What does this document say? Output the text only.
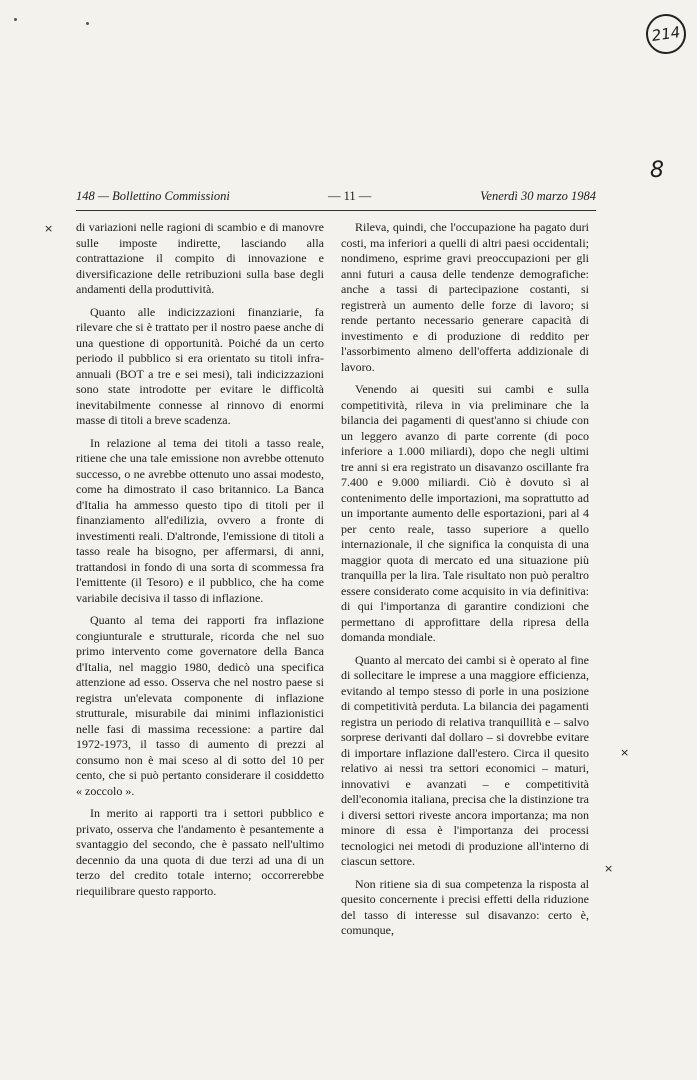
214
8
148 — Bollettino Commissioni	— 11 —	Venerdì 30 marzo 1984
×
×
×

di variazioni nelle ragioni di scambio e di manovre sulle imposte indirette, lasciando alla contrattazione il compito di innovazione e diversificazione delle retribuzioni sulla base degli andamenti della produttività.

Quanto alle indicizzazioni finanziarie, fa rilevare che si è trattato per il nostro paese anche di una questione di opportunità. Poiché da un certo periodo il pubblico si era orientato su titoli infra-annuali (BOT a tre e sei mesi), tali indicizzazioni sono state introdotte per evitare le difficoltà inevitabilmente connesse al rinnovo di enormi masse di titoli a breve scadenza.

In relazione al tema dei titoli a tasso reale, ritiene che una tale emissione non avrebbe ottenuto successo, o ne avrebbe ottenuto uno assai modesto, come ha dimostrato il caso britannico. La Banca d'Italia ha ammesso questo tipo di titoli per il finanziamento all'edilizia, ovvero a fronte di investimenti reali. D'altronde, l'emissione di titoli a tasso reale ha bisogno, per affermarsi, di anni, trattandosi in fondo di una sorta di scommessa fra l'emittente (il Tesoro) e il pubblico, che ha come variabile decisiva il tasso di inflazione.

Quanto al tema dei rapporti fra inflazione congiunturale e strutturale, ricorda che nel suo primo intervento come governatore della Banca d'Italia, nel maggio 1980, dedicò una specifica attenzione ad esso. Osserva che nel nostro paese si registra un'elevata componente di inflazione strutturale, misurabile dai minimi inflazionistici nelle fasi di massima recessione: a partire dal 1972-1973, il tasso di aumento di prezzi al consumo non è mai sceso al di sotto del 10 per cento, che si può pertanto considerare il cosiddetto « zoccolo ».

In merito ai rapporti tra i settori pubblico e privato, osserva che l'andamento è pesantemente a svantaggio del secondo, che è passato nell'ultimo decennio da una quota di due terzi ad una di un terzo del credito totale interno; occorrerebbe riequilibrare questo rapporto.

Rileva, quindi, che l'occupazione ha pagato duri costi, ma inferiori a quelli di altri paesi occidentali; nondimeno, esprime gravi preoccupazioni per gli anni futuri a causa delle tendenze demografiche: anche a tassi di partecipazione costanti, si registrerà un aumento delle forze di lavoro; si rende pertanto necessario generare capacità di investimento e di produzione di reddito per l'assorbimento almeno dell'offerta addizionale di lavoro.

Venendo ai quesiti sui cambi e sulla competitività, rileva in via preliminare che la bilancia dei pagamenti di quest'anno si chiude con un leggero avanzo di parte corrente (di poco inferiore a 1.000 miliardi), dopo che negli ultimi tre anni si era registrato un disavanzo oscillante fra 7.400 e 9.000 miliardi. Ciò è dovuto sì al contenimento delle importazioni, ma soprattutto ad un importante aumento delle esportazioni, pari al 4 per cento reale, tasso superiore a quello internazionale, il che significa la conquista di una maggior quota di mercato ed una situazione più tranquilla per la lira. Tale risultato non può peraltro essere considerato come acquisito in via definitiva: di qui l'importanza di garantire condizioni che permettano di approfittare della ripresa della domanda mondiale.

Quanto al mercato dei cambi si è operato al fine di sollecitare le imprese a una maggiore efficienza, evitando al tempo stesso di porle in una posizione di competitività perduta. La bilancia dei pagamenti registra un periodo di relativa tranquillità e – salvo sorprese derivanti dal dollaro – si dovrebbe evitare di importare inflazione dall'estero. Circa il quesito relativo ai nessi tra settori economici – maturi, innovativi e avanzati – e competitività dell'economia italiana, precisa che la distinzione tra i diversi settori riveste ancora importanza; ma non minore di essa è l'importanza dei processi tecnologici nei metodi di produzione all'interno di ciascun settore.

Non ritiene sia di sua competenza la risposta al quesito concernente i precisi effetti della riduzione del tasso di interesse sul disavanzo: certo è, comunque,
